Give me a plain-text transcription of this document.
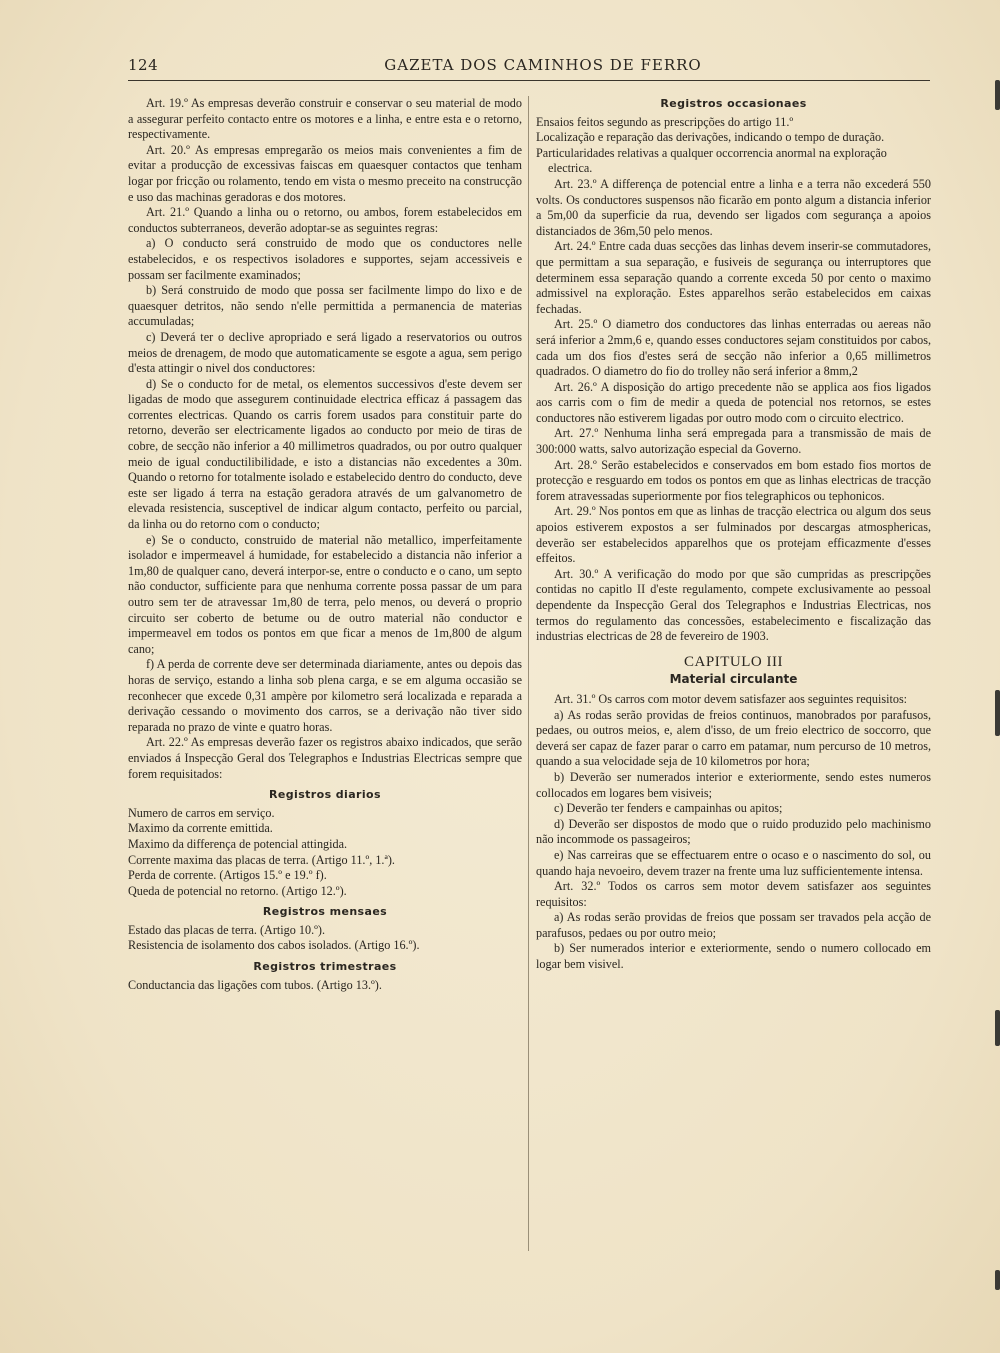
124	GAZETA DOS CAMINHOS DE FERRO

Art. 19.º As empresas deverão construir e conservar o seu material de modo a assegurar perfeito contacto entre os motores e a linha, e entre esta e o retorno, respectivamente.

Art. 20.º As empresas empregarão os meios mais convenientes a fim de evitar a producção de excessivas faiscas em quaesquer contactos que tenham logar por fricção ou rolamento, tendo em vista o mesmo preceito na construcção e uso das machinas geradoras e dos motores.

Art. 21.º Quando a linha ou o retorno, ou ambos, forem estabelecidos em conductos subterraneos, deverão adoptar-se as seguintes regras:

a) O conducto será construido de modo que os conductores nelle estabelecidos, e os respectivos isoladores e supportes, sejam accessiveis e possam ser facilmente examinados;

b) Será construido de modo que possa ser facilmente limpo do lixo e de quaesquer detritos, não sendo n'elle permittida a permanencia de materias accumuladas;

c) Deverá ter o declive apropriado e será ligado a reservatorios ou outros meios de drenagem, de modo que automaticamente se esgote a agua, sem perigo d'esta attingir o nivel dos conductores:

d) Se o conducto for de metal, os elementos successivos d'este devem ser ligadas de modo que assegurem continuidade electrica efficaz á passagem das correntes electricas. Quando os carris forem usados para constituir parte do retorno, deverão ser electricamente ligados ao conducto por meio de tiras de cobre, de secção não inferior a 40 millimetros quadrados, ou por outro qualquer meio de igual conductilibilidade, e isto a distancias não excedentes a 30m. Quando o retorno for totalmente isolado e estabelecido dentro do conducto, deve este ser ligado á terra na estação geradora através de um galvanometro de elevada resistencia, susceptivel de indicar algum contacto, perfeito ou parcial, da linha ou do retorno com o conducto;

e) Se o conducto, construido de material não metallico, imperfeitamente isolador e impermeavel á humidade, for estabelecido a distancia não inferior a 1m,80 de qualquer cano, deverá interpor-se, entre o conducto e o cano, um septo não conductor, sufficiente para que nenhuma corrente possa passar de um para outro sem ter de atravessar 1m,80 de terra, pelo menos, ou deverá o proprio circuito ser coberto de betume ou de outro material não conductor e impermeavel em todos os pontos em que ficar a menos de 1m,800 de algum cano;

f) A perda de corrente deve ser determinada diariamente, antes ou depois das horas de serviço, estando a linha sob plena carga, e se em alguma occasião se reconhecer que excede 0,31 ampère por kilometro será localizada e reparada a derivação cessando o movimento dos carros, se a derivação não tiver sido reparada no prazo de vinte e quatro horas.

Art. 22.º As empresas deverão fazer os registros abaixo indicados, que serão enviados á Inspecção Geral dos Telegraphos e Industrias Electricas sempre que forem requisitados:

Registros diarios

Numero de carros em serviço.

Maximo da corrente emittida.

Maximo da differença de potencial attingida.

Corrente maxima das placas de terra. (Artigo 11.º, 1.ª).

Perda de corrente. (Artigos 15.º e 19.º f).

Queda de potencial no retorno. (Artigo 12.º).

Registros mensaes

Estado das placas de terra. (Artigo 10.º).

Resistencia de isolamento dos cabos isolados. (Artigo 16.º).

Registros trimestraes

Conductancia das ligações com tubos. (Artigo 13.º).

Registros occasionaes

Ensaios feitos segundo as prescripções do artigo 11.º

Localização e reparação das derivações, indicando o tempo de duração.

Particularidades relativas a qualquer occorrencia anormal na exploração electrica.

Art. 23.º A differença de potencial entre a linha e a terra não excederá 550 volts. Os conductores suspensos não ficarão em ponto algum a distancia inferior a 5m,00 da superficie da rua, devendo ser ligados com segurança a apoios distanciados de 36m,50 pelo menos.

Art. 24.º Entre cada duas secções das linhas devem inserir-se commutadores, que permittam a sua separação, e fusiveis de segurança ou interruptores que determinem essa separação quando a corrente exceda 50 por cento o maximo admissivel na exploração. Estes apparelhos serão estabelecidos em caixas fechadas.

Art. 25.º O diametro dos conductores das linhas enterradas ou aereas não será inferior a 2mm,6 e, quando esses conductores sejam constituidos por cabos, cada um dos fios d'estes será de secção não inferior a 0,65 millimetros quadrados. O diametro do fio do trolley não será inferior a 8mm,2

Art. 26.º A disposição do artigo precedente não se applica aos fios ligados aos carris com o fim de medir a queda de potencial nos retornos, se estes conductores não estiverem ligadas por outro modo com o circuito electrico.

Art. 27.º Nenhuma linha será empregada para a transmissão de mais de 300:000 watts, salvo autorização especial da Governo.

Art. 28.º Serão estabelecidos e conservados em bom estado fios mortos de protecção e resguardo em todos os pontos em que as linhas electricas de tracção forem atravessadas superiormente por fios telegraphicos ou tephonicos.

Art. 29.º Nos pontos em que as linhas de tracção electrica ou algum dos seus apoios estiverem expostos a ser fulminados por descargas atmosphericas, deverão ser estabelecidos apparelhos que os protejam efficazmente d'esses effeitos.

Art. 30.º A verificação do modo por que são cumpridas as prescripções contidas no capitlo II d'este regulamento, compete exclusivamente ao pessoal dependente da Inspecção Geral dos Telegraphos e Industrias Electricas, nos termos do regulamento das concessões, estabelecimento e fiscalização das industrias electricas de 28 de fevereiro de 1903.

CAPITULO III
Material circulante

Art. 31.º Os carros com motor devem satisfazer aos seguintes requisitos:

a) As rodas serão providas de freios continuos, manobrados por parafusos, pedaes, ou outros meios, e, alem d'isso, de um freio electrico de soccorro, que deverá ser capaz de fazer parar o carro em patamar, num percurso de 10 metros, quando a sua velocidade seja de 10 kilometros por hora;

b) Deverão ser numerados interior e exteriormente, sendo estes numeros collocados em logares bem visiveis;

c) Deverão ter fenders e campainhas ou apitos;

d) Deverão ser dispostos de modo que o ruido produzido pelo machinismo não incommode os passageiros;

e) Nas carreiras que se effectuarem entre o ocaso e o nascimento do sol, ou quando haja nevoeiro, devem trazer na frente uma luz sufficientemente intensa.

Art. 32.º Todos os carros sem motor devem satisfazer aos seguintes requisitos:

a) As rodas serão providas de freios que possam ser travados pela acção de parafusos, pedaes ou por outro meio;

b) Ser numerados interior e exteriormente, sendo o numero collocado em logar bem visivel.
